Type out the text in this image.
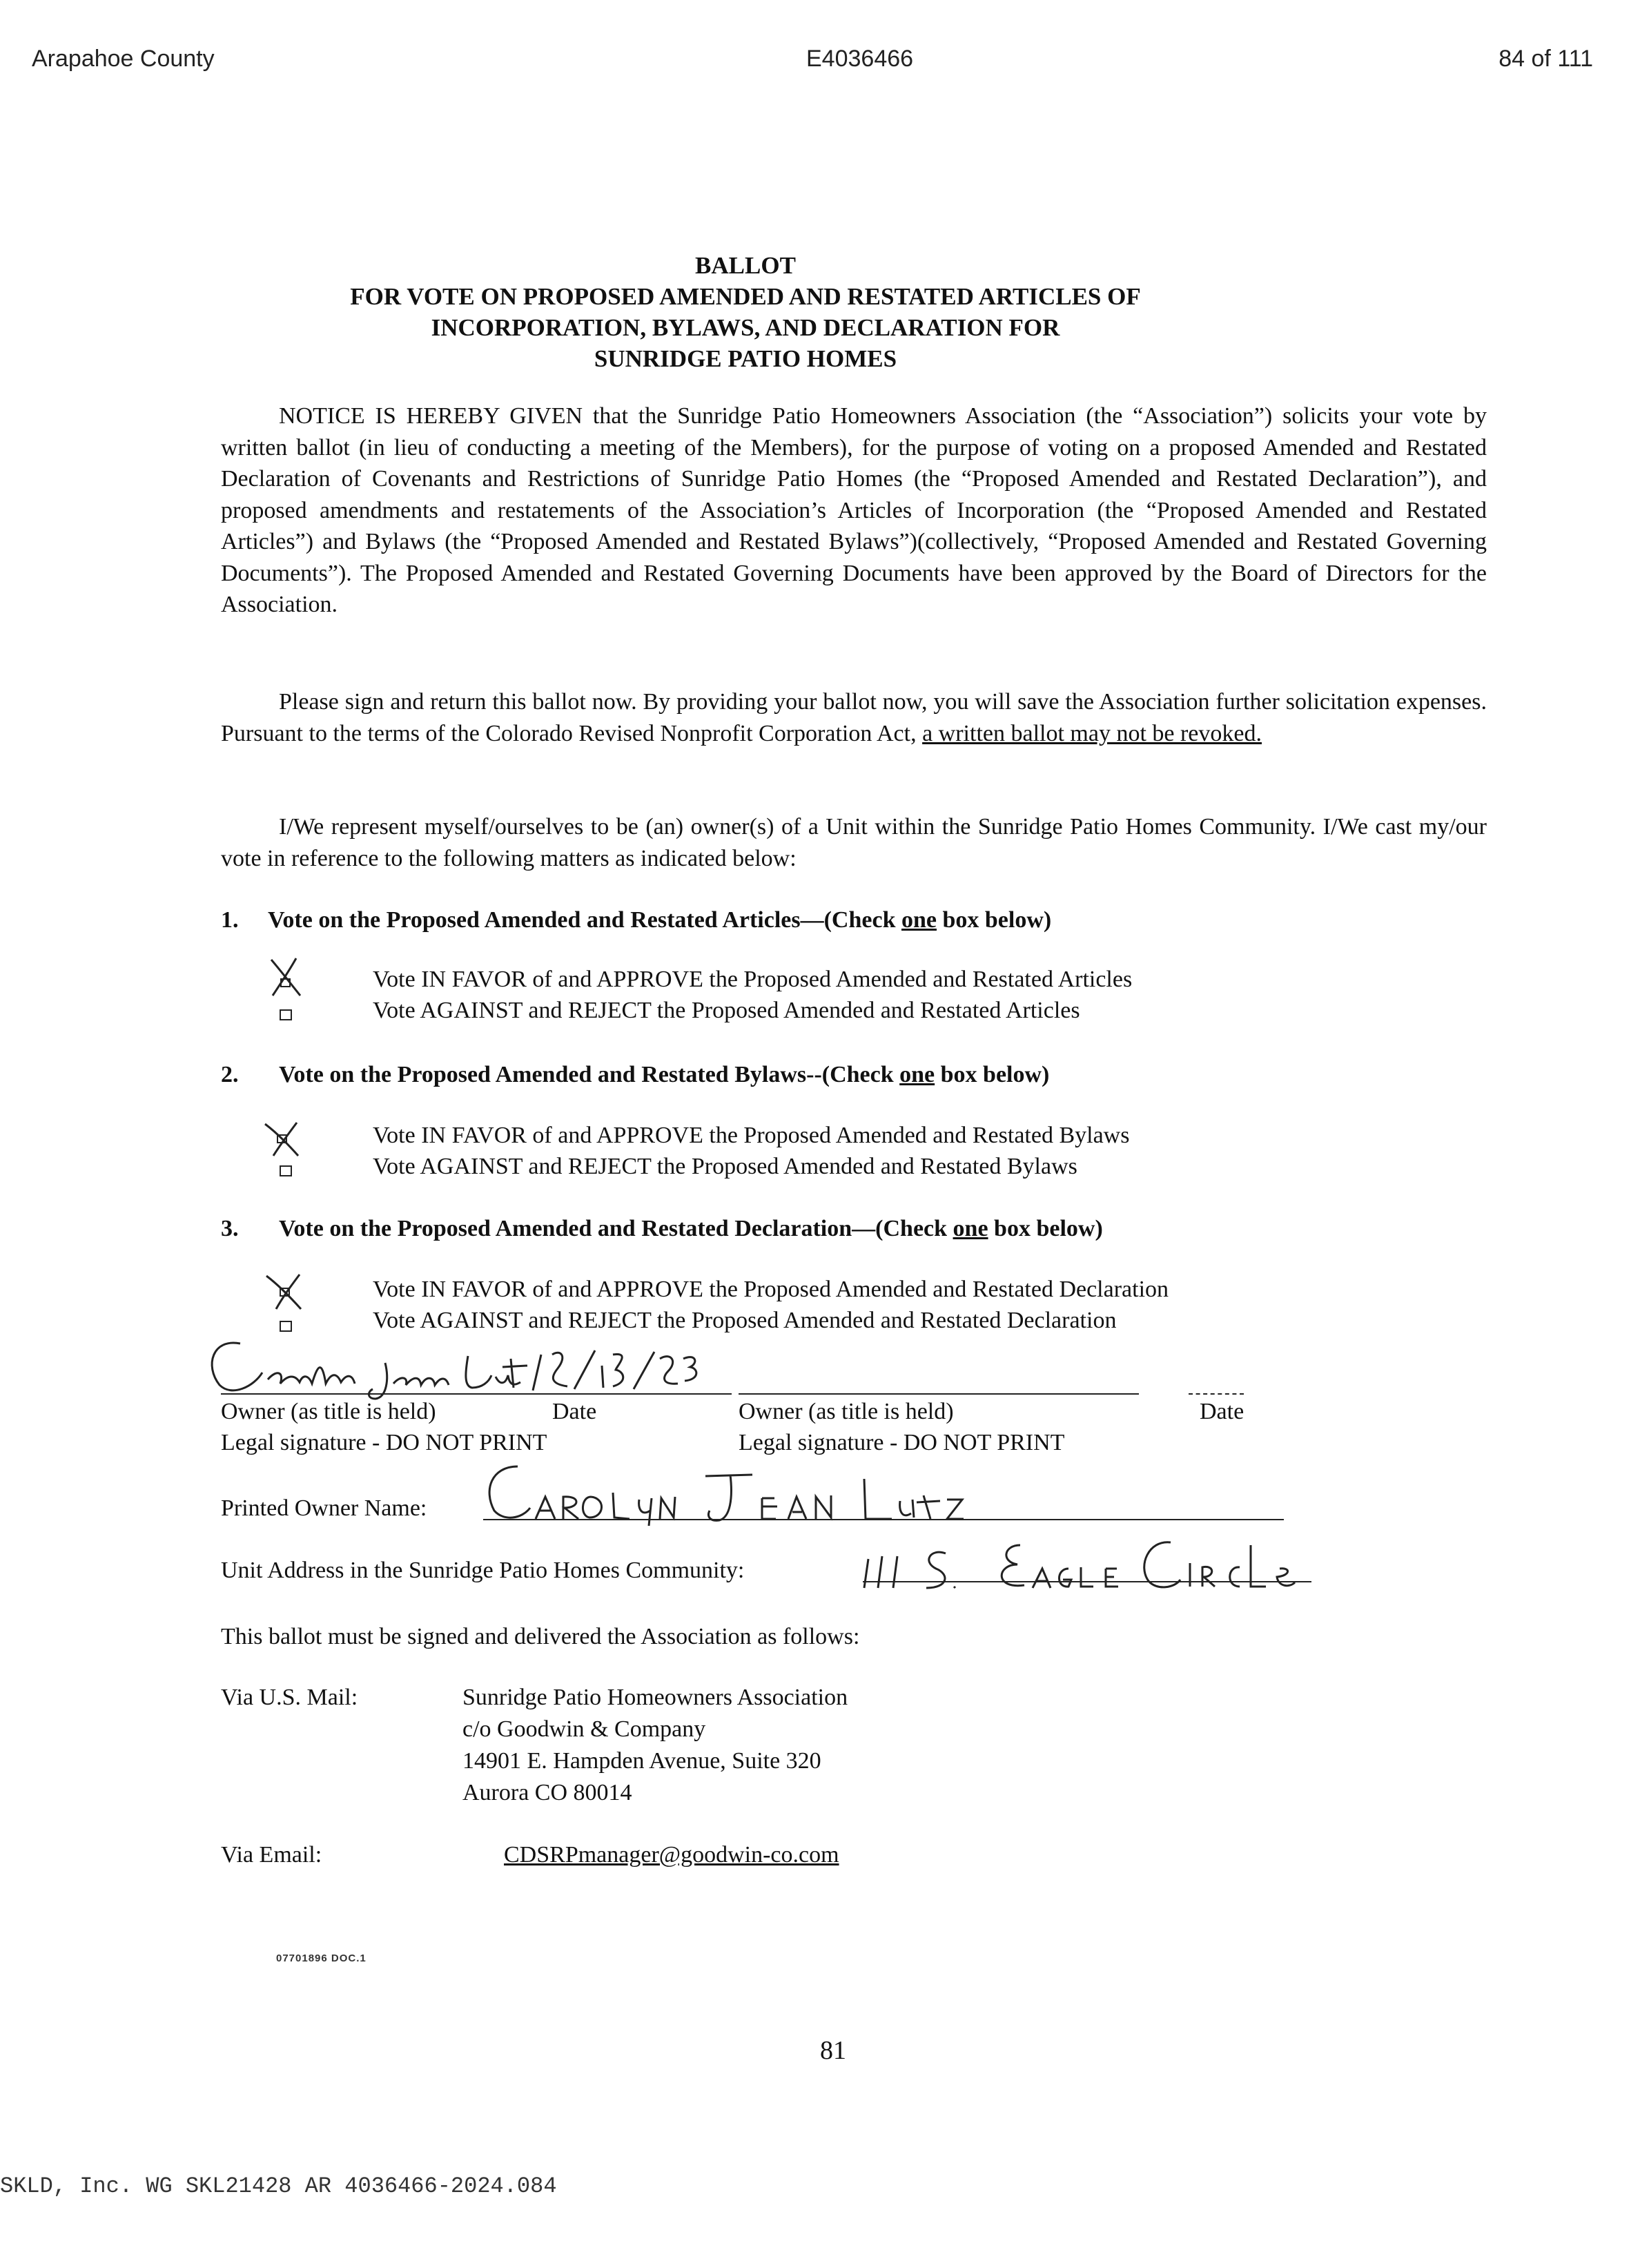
Arapahoe County	E4036466	84 of 111
BALLOT
FOR VOTE ON PROPOSED AMENDED AND RESTATED ARTICLES OF
INCORPORATION, BYLAWS, AND DECLARATION FOR
SUNRIDGE PATIO HOMES
NOTICE IS HEREBY GIVEN that the Sunridge Patio Homeowners Association (the “Association”) solicits your vote by written ballot (in lieu of conducting a meeting of the Members), for the purpose of voting on a proposed Amended and Restated Declaration of Covenants and Restrictions of Sunridge Patio Homes (the “Proposed Amended and Restated Declaration”), and proposed amendments and restatements of the Association’s Articles of Incorporation (the “Proposed Amended and Restated Articles”) and Bylaws (the “Proposed Amended and Restated Bylaws”)(collectively, “Proposed Amended and Restated Governing Documents”). The Proposed Amended and Restated Governing Documents have been approved by the Board of Directors for the Association.
Please sign and return this ballot now. By providing your ballot now, you will save the Association further solicitation expenses. Pursuant to the terms of the Colorado Revised Nonprofit Corporation Act, a written ballot may not be revoked.
I/We represent myself/ourselves to be (an) owner(s) of a Unit within the Sunridge Patio Homes Community. I/We cast my/our vote in reference to the following matters as indicated below:
1. Vote on the Proposed Amended and Restated Articles—(Check one box below)
Vote IN FAVOR of and APPROVE the Proposed Amended and Restated Articles
Vote AGAINST and REJECT the Proposed Amended and Restated Articles
2. Vote on the Proposed Amended and Restated Bylaws--(Check one box below)
Vote IN FAVOR of and APPROVE the Proposed Amended and Restated Bylaws
Vote AGAINST and REJECT the Proposed Amended and Restated Bylaws
3. Vote on the Proposed Amended and Restated Declaration—(Check one box below)
Vote IN FAVOR of and APPROVE the Proposed Amended and Restated Declaration
Vote AGAINST and REJECT the Proposed Amended and Restated Declaration
Owner (as title is held)	Date	Owner (as title is held)	Date
Legal signature - DO NOT PRINT	Legal signature - DO NOT PRINT
Printed Owner Name:
Unit Address in the Sunridge Patio Homes Community:
This ballot must be signed and delivered the Association as follows:
Via U.S. Mail:	Sunridge Patio Homeowners Association
c/o Goodwin & Company
14901 E. Hampden Avenue, Suite 320
Aurora CO 80014
Via Email:	CDSRPmanager@goodwin-co.com
07701896 DOC.1
81
SKLD, Inc. WG SKL21428 AR 4036466-2024.084
